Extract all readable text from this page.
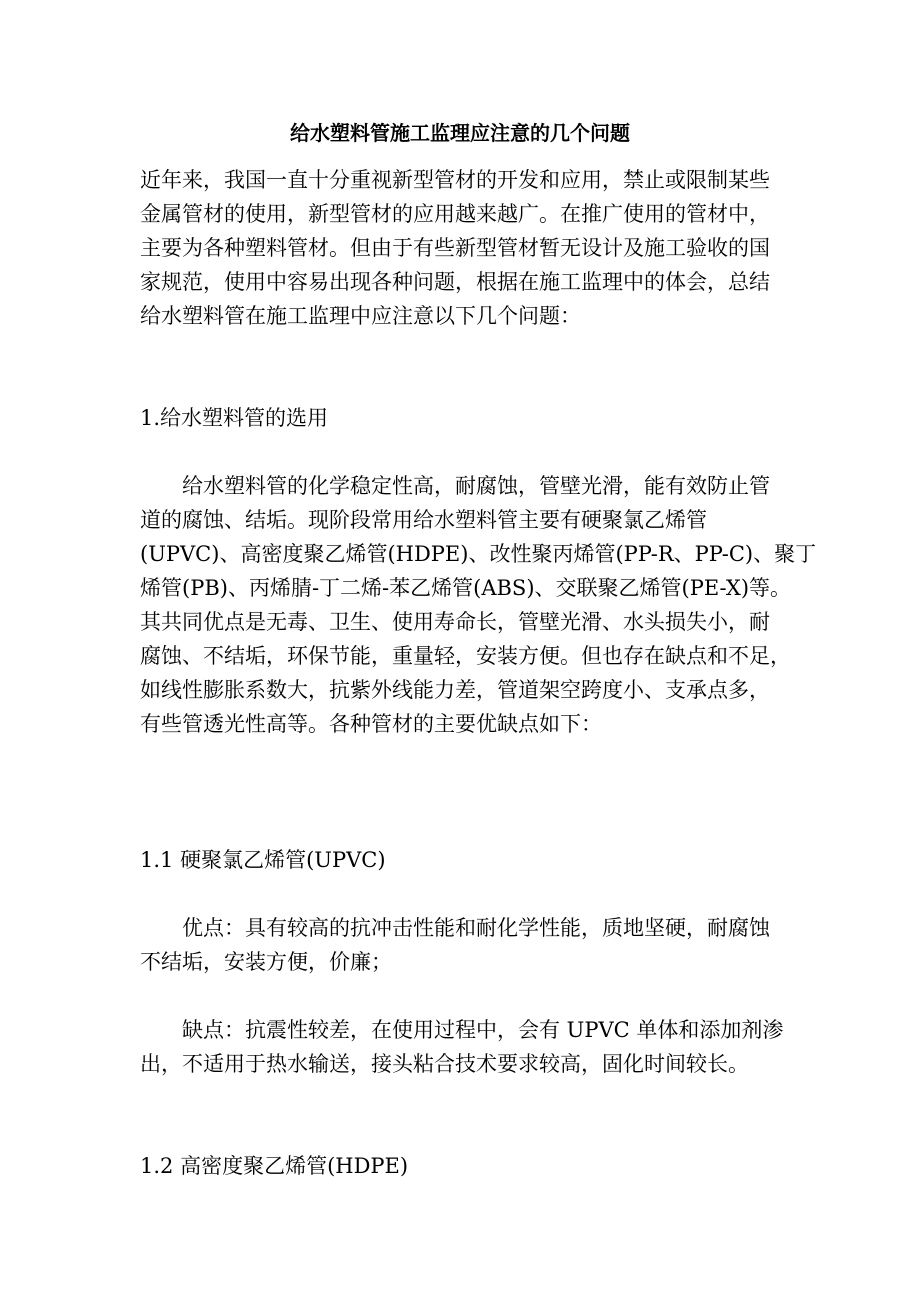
给水塑料管施工监理应注意的几个问题
近年来，我国一直十分重视新型管材的开发和应用，禁止或限制某些
金属管材的使用，新型管材的应用越来越广。在推广使用的管材中，
主要为各种塑料管材。但由于有些新型管材暂无设计及施工验收的国
家规范，使用中容易出现各种问题，根据在施工监理中的体会，总结
给水塑料管在施工监理中应注意以下几个问题：
1.给水塑料管的选用
给水塑料管的化学稳定性高，耐腐蚀，管壁光滑，能有效防止管
道的腐蚀、结垢。现阶段常用给水塑料管主要有硬聚氯乙烯管
(UPVC)、高密度聚乙烯管(HDPE)、改性聚丙烯管(PP-R、PP-C)、聚丁
烯管(PB)、丙烯腈-丁二烯-苯乙烯管(ABS)、交联聚乙烯管(PE-X)等。
其共同优点是无毒、卫生、使用寿命长，管壁光滑、水头损失小，耐
腐蚀、不结垢，环保节能，重量轻，安装方便。但也存在缺点和不足，
如线性膨胀系数大，抗紫外线能力差，管道架空跨度小、支承点多，
有些管透光性高等。各种管材的主要优缺点如下：
1.1 硬聚氯乙烯管(UPVC)
优点：具有较高的抗冲击性能和耐化学性能，质地坚硬，耐腐蚀
不结垢，安装方便，价廉；
缺点：抗震性较差，在使用过程中，会有 UPVC 单体和添加剂渗
出，不适用于热水输送，接头粘合技术要求较高，固化时间较长。
1.2 高密度聚乙烯管(HDPE)
